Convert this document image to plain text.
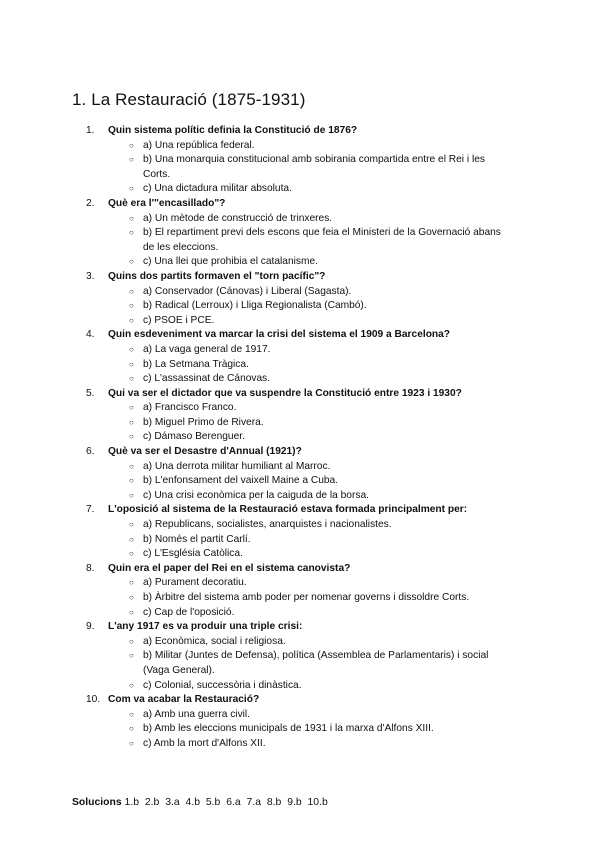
1. La Restauració (1875-1931)
1.	Quin sistema polític definia la Constitució de 1876?
○ a) Una república federal.
○ b) Una monarquia constitucional amb sobirania compartida entre el Rei i les Corts.
○ c) Una dictadura militar absoluta.
2.	Què era l'"encasillado"?
○ a) Un mètode de construcció de trinxeres.
○ b) El repartiment previ dels escons que feia el Ministeri de la Governació abans de les eleccions.
○ c) Una llei que prohibia el catalanisme.
3.	Quins dos partits formaven el "torn pacífic"?
○ a) Conservador (Cánovas) i Liberal (Sagasta).
○ b) Radical (Lerroux) i Lliga Regionalista (Cambó).
○ c) PSOE i PCE.
4.	Quin esdeveniment va marcar la crisi del sistema el 1909 a Barcelona?
○ a) La vaga general de 1917.
○ b) La Setmana Tràgica.
○ c) L'assassinat de Cánovas.
5.	Qui va ser el dictador que va suspendre la Constitució entre 1923 i 1930?
○ a) Francisco Franco.
○ b) Miguel Primo de Rivera.
○ c) Dámaso Berenguer.
6.	Què va ser el Desastre d'Annual (1921)?
○ a) Una derrota militar humiliant al Marroc.
○ b) L'enfonsament del vaixell Maine a Cuba.
○ c) Una crisi econòmica per la caiguda de la borsa.
7.	L'oposició al sistema de la Restauració estava formada principalment per:
○ a) Republicans, socialistes, anarquistes i nacionalistes.
○ b) Només el partit Carlí.
○ c) L'Església Catòlica.
8.	Quin era el paper del Rei en el sistema canovista?
○ a) Purament decoratiu.
○ b) Àrbitre del sistema amb poder per nomenar governs i dissoldre Corts.
○ c) Cap de l'oposició.
9.	L'any 1917 es va produir una triple crisi:
○ a) Econòmica, social i religiosa.
○ b) Militar (Juntes de Defensa), política (Assemblea de Parlamentaris) i social (Vaga General).
○ c) Colonial, successòria i dinàstica.
10. Com va acabar la Restauració?
○ a) Amb una guerra civil.
○ b) Amb les eleccions municipals de 1931 i la marxa d'Alfons XIII.
○ c) Amb la mort d'Alfons XII.
Solucions 1.b 2.b 3.a 4.b 5.b 6.a 7.a 8.b 9.b 10.b
